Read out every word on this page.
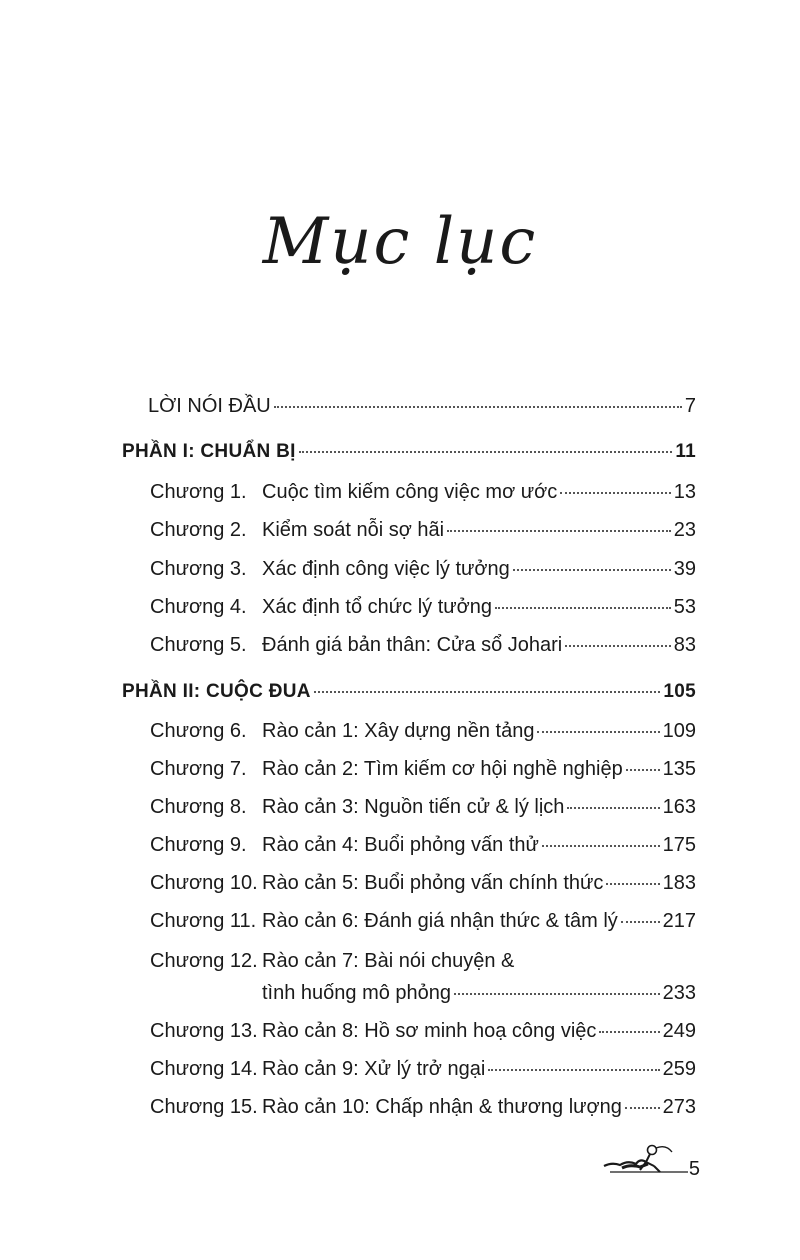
Mục lục
LỜI NÓI ĐẦU	7
PHẦN I: CHUẨN BỊ	11
Chương 1. Cuộc tìm kiếm công việc mơ ước	13
Chương 2. Kiểm soát nỗi sợ hãi	23
Chương 3. Xác định công việc lý tưởng	39
Chương 4. Xác định tổ chức lý tưởng	53
Chương 5. Đánh giá bản thân: Cửa sổ Johari	83
PHẦN II: CUỘC ĐUA	105
Chương 6. Rào cản 1: Xây dựng nền tảng	109
Chương 7. Rào cản 2: Tìm kiếm cơ hội nghề nghiệp 135
Chương 8. Rào cản 3: Nguồn tiến cử & lý lịch	163
Chương 9. Rào cản 4: Buổi phỏng vấn thử	175
Chương 10. Rào cản 5: Buổi phỏng vấn chính thức	183
Chương 11. Rào cản 6: Đánh giá nhận thức & tâm lý 217
Chương 12. Rào cản 7: Bài nói chuyện &
tình huống mô phỏng	233
Chương 13. Rào cản 8: Hồ sơ minh hoạ công việc	249
Chương 14. Rào cản 9: Xử lý trở ngại	259
Chương 15. Rào cản 10: Chấp nhận & thương lượng 273
5
